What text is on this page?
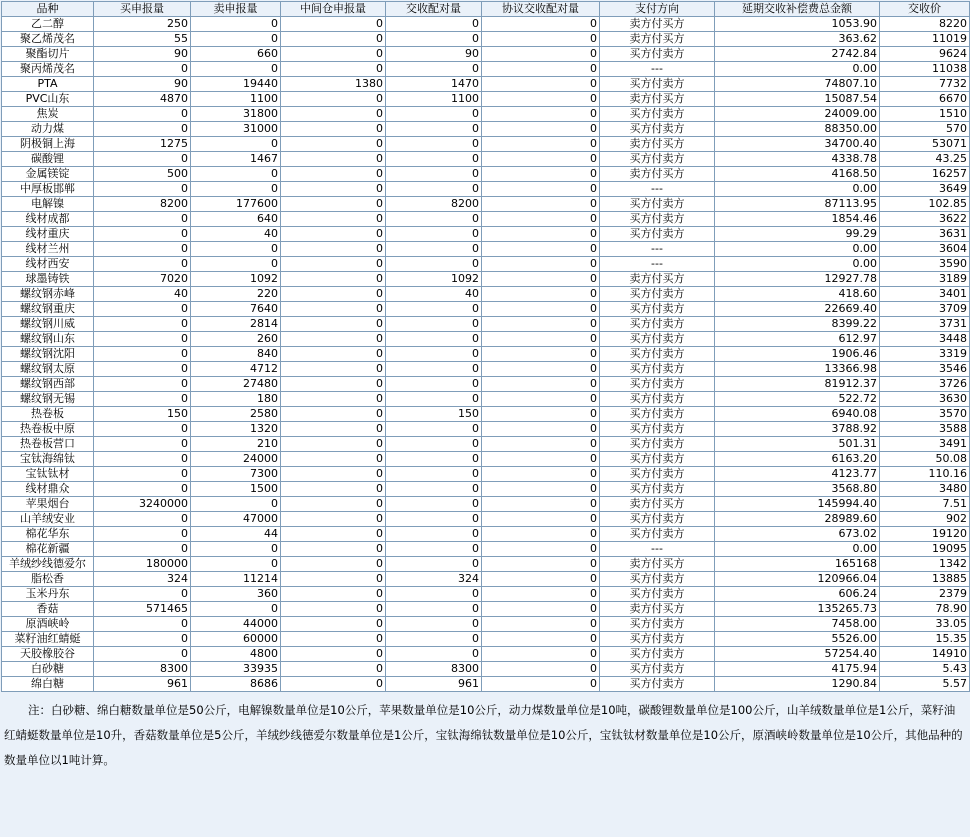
品种	买申报量	卖申报量	中间仓申报量	交收配对量	协议交收配对量	支付方向	延期交收补偿费总金额	交收价
乙二醇	250	0	0	0	0	卖方付买方	1053.90	8220
聚乙烯茂名	55	0	0	0	0	卖方付买方	363.62	11019
聚酯切片	90	660	0	90	0	买方付卖方	2742.84	9624
聚丙烯茂名	0	0	0	0	0	---	0.00	11038
PTA	90	19440	1380	1470	0	买方付卖方	74807.10	7732
PVC山东	4870	1100	0	1100	0	卖方付买方	15087.54	6670
焦炭	0	31800	0	0	0	买方付卖方	24009.00	1510
动力煤	0	31000	0	0	0	买方付卖方	88350.00	570
阴极铜上海	1275	0	0	0	0	卖方付买方	34700.40	53071
碳酸锂	0	1467	0	0	0	买方付卖方	4338.78	43.25
金属镁锭	500	0	0	0	0	卖方付买方	4168.50	16257
中厚板邯郸	0	0	0	0	0	---	0.00	3649
电解镍	8200	177600	0	8200	0	买方付卖方	87113.95	102.85
线材成都	0	640	0	0	0	买方付卖方	1854.46	3622
线材重庆	0	40	0	0	0	买方付卖方	99.29	3631
线材兰州	0	0	0	0	0	---	0.00	3604
线材西安	0	0	0	0	0	---	0.00	3590
球墨铸铁	7020	1092	0	1092	0	卖方付买方	12927.78	3189
螺纹钢赤峰	40	220	0	40	0	买方付卖方	418.60	3401
螺纹钢重庆	0	7640	0	0	0	买方付卖方	22669.40	3709
螺纹钢川威	0	2814	0	0	0	买方付卖方	8399.22	3731
螺纹钢山东	0	260	0	0	0	买方付卖方	612.97	3448
螺纹钢沈阳	0	840	0	0	0	买方付卖方	1906.46	3319
螺纹钢太原	0	4712	0	0	0	买方付卖方	13366.98	3546
螺纹钢西部	0	27480	0	0	0	买方付卖方	81912.37	3726
螺纹钢无锡	0	180	0	0	0	买方付卖方	522.72	3630
热卷板	150	2580	0	150	0	买方付卖方	6940.08	3570
热卷板中原	0	1320	0	0	0	买方付卖方	3788.92	3588
热卷板营口	0	210	0	0	0	买方付卖方	501.31	3491
宝钛海绵钛	0	24000	0	0	0	买方付卖方	6163.20	50.08
宝钛钛材	0	7300	0	0	0	买方付卖方	4123.77	110.16
线材鼎众	0	1500	0	0	0	买方付卖方	3568.80	3480
苹果烟台	3240000	0	0	0	0	卖方付买方	145994.40	7.51
山羊绒安业	0	47000	0	0	0	买方付卖方	28989.60	902
棉花华东	0	44	0	0	0	买方付卖方	673.02	19120
棉花新疆	0	0	0	0	0	---	0.00	19095
羊绒纱线德爱尔	180000	0	0	0	0	卖方付买方	165168	1342
脂松香	324	11214	0	324	0	买方付卖方	120966.04	13885
玉米丹东	0	360	0	0	0	买方付卖方	606.24	2379
香菇	571465	0	0	0	0	卖方付买方	135265.73	78.90
原酒峡岭	0	44000	0	0	0	买方付卖方	7458.00	33.05
菜籽油红蜻蜓	0	60000	0	0	0	买方付卖方	5526.00	15.35
天胶橡胶谷	0	4800	0	0	0	买方付卖方	57254.40	14910
白砂糖	8300	33935	0	8300	0	买方付卖方	4175.94	5.43
绵白糖	961	8686	0	961	0	买方付卖方	1290.84	5.57
注：白砂糖、绵白糖数量单位是50公斤，电解镍数量单位是10公斤，苹果数量单位是10公斤，动力煤数量单位是10吨，碳酸锂数量单位是100公斤，山羊绒数量单位是1公斤，菜籽油红蜻蜓数量单位是10升，香菇数量单位是5公斤，羊绒纱线德爱尔数量单位是1公斤，宝钛海绵钛数量单位是10公斤，宝钛钛材数量单位是10公斤，原酒峡岭数量单位是10公斤，其他品种的数量单位以1吨计算。
